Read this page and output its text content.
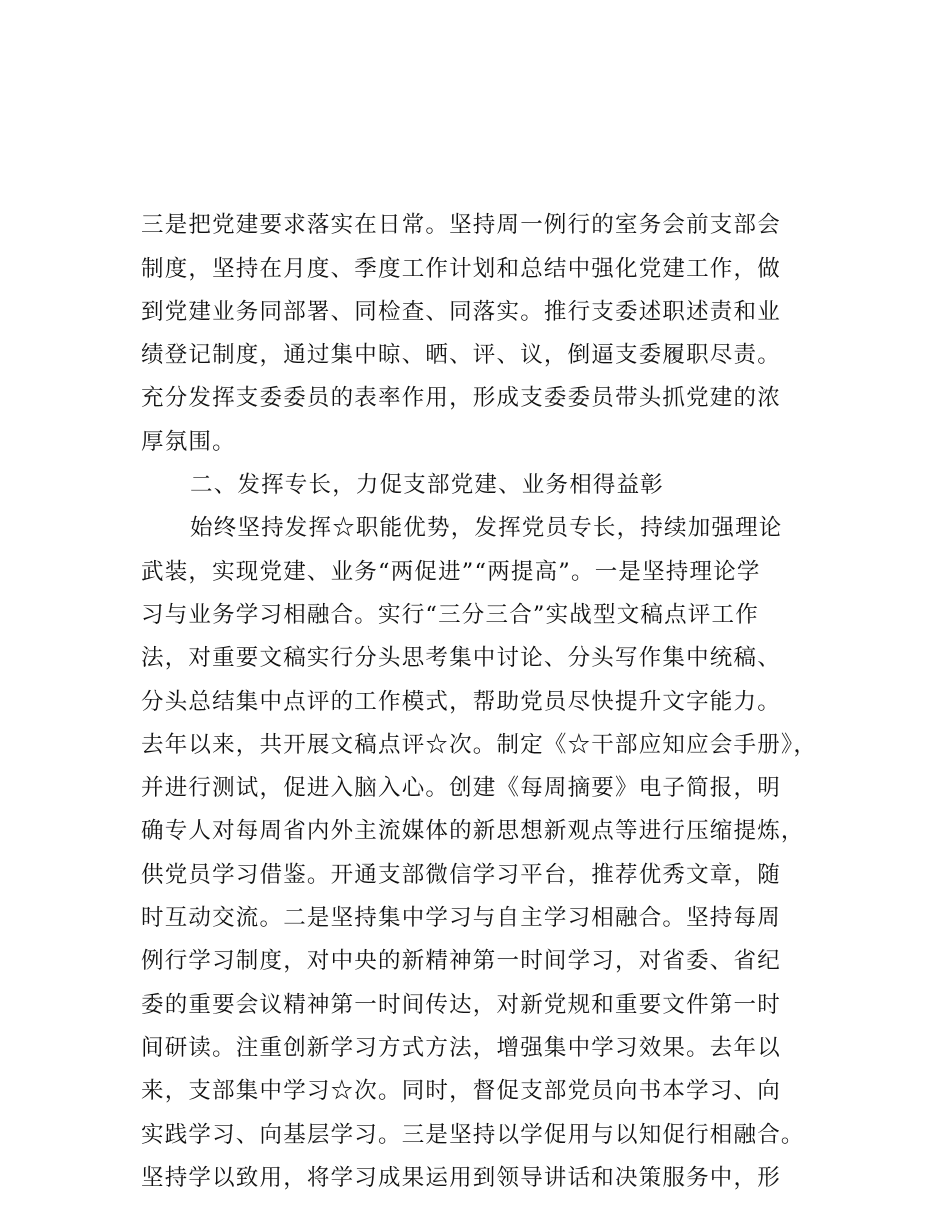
三是把党建要求落实在日常。坚持周一例行的室务会前支部会
制度，坚持在月度、季度工作计划和总结中强化党建工作，做
到党建业务同部署、同检查、同落实。推行支委述职述责和业
绩登记制度，通过集中晾、晒、评、议，倒逼支委履职尽责。
充分发挥支委委员的表率作用，形成支委委员带头抓党建的浓
厚氛围。
二、发挥专长，力促支部党建、业务相得益彰
始终坚持发挥☆职能优势，发挥党员专长，持续加强理论
武装，实现党建、业务“两促进”“两提高”。一是坚持理论学
习与业务学习相融合。实行“三分三合”实战型文稿点评工作
法，对重要文稿实行分头思考集中讨论、分头写作集中统稿、
分头总结集中点评的工作模式，帮助党员尽快提升文字能力。
去年以来，共开展文稿点评☆次。制定《☆干部应知应会手册》，
并进行测试，促进入脑入心。创建《每周摘要》电子简报，明
确专人对每周省内外主流媒体的新思想新观点等进行压缩提炼，
供党员学习借鉴。开通支部微信学习平台，推荐优秀文章，随
时互动交流。二是坚持集中学习与自主学习相融合。坚持每周
例行学习制度，对中央的新精神第一时间学习，对省委、省纪
委的重要会议精神第一时间传达，对新党规和重要文件第一时
间研读。注重创新学习方式方法，增强集中学习效果。去年以
来，支部集中学习☆次。同时，督促支部党员向书本学习、向
实践学习、向基层学习。三是坚持以学促用与以知促行相融合。
坚持学以致用，将学习成果运用到领导讲话和决策服务中，形
